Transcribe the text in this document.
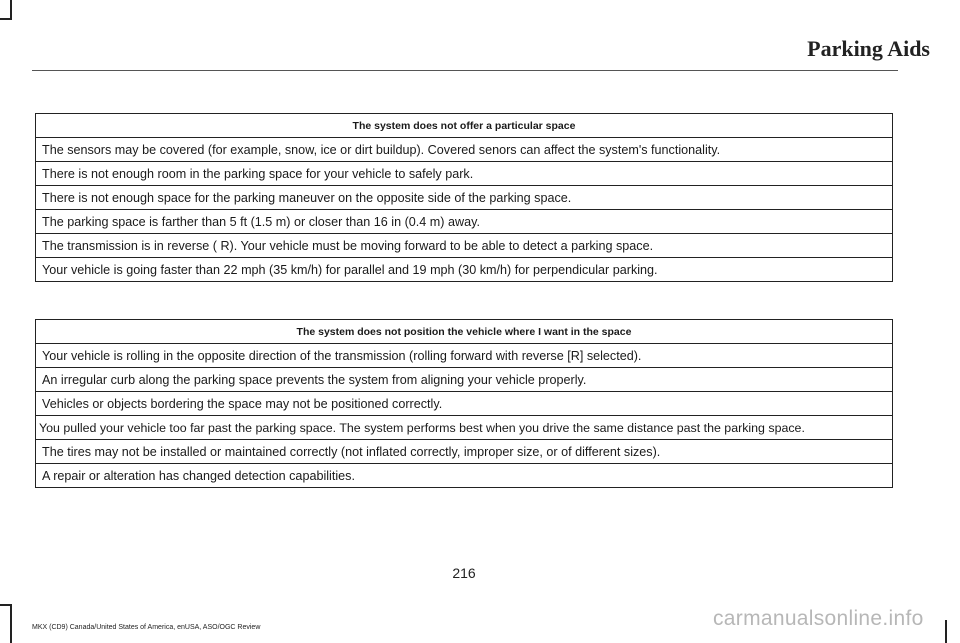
Parking Aids
The system does not offer a particular space
The sensors may be covered (for example, snow, ice or dirt buildup). Covered senors can affect the system's functionality.
There is not enough room in the parking space for your vehicle to safely park.
There is not enough space for the parking maneuver on the opposite side of the parking space.
The parking space is farther than 5 ft (1.5 m) or closer than 16 in (0.4 m) away.
The transmission is in reverse ( R). Your vehicle must be moving forward to be able to detect a parking space.
Your vehicle is going faster than 22 mph (35 km/h) for parallel and 19 mph (30 km/h) for perpendicular parking.
The system does not position the vehicle where I want in the space
Your vehicle is rolling in the opposite direction of the transmission (rolling forward with reverse [R] selected).
An irregular curb along the parking space prevents the system from aligning your vehicle properly.
Vehicles or objects bordering the space may not be positioned correctly.
You pulled your vehicle too far past the parking space. The system performs best when you drive the same distance past the parking space.
The tires may not be installed or maintained correctly (not inflated correctly, improper size, or of different sizes).
A repair or alteration has changed detection capabilities.
216
MKX (CD9) Canada/United States of America, enUSA, ASO/OGC Review	carmanualsonline.info
